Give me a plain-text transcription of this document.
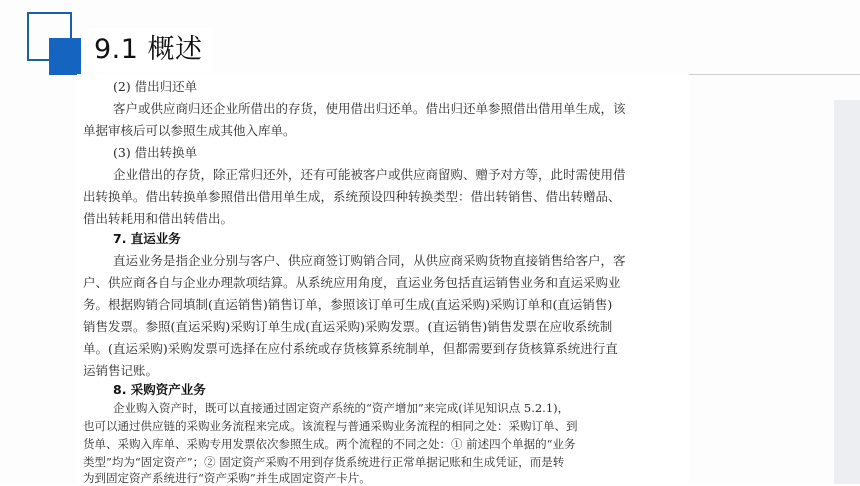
9.1 概述
(2) 借出归还单
客户或供应商归还企业所借出的存货，使用借出归还单。借出归还单参照借出借用单生成，该
单据审核后可以参照生成其他入库单。
(3) 借出转换单
企业借出的存货，除正常归还外，还有可能被客户或供应商留购、赠予对方等，此时需使用借
出转换单。借出转换单参照借出借用单生成，系统预设四种转换类型：借出转销售、借出转赠品、
借出转耗用和借出转借出。
7. 直运业务
直运业务是指企业分别与客户、供应商签订购销合同，从供应商采购货物直接销售给客户，客
户、供应商各自与企业办理款项结算。从系统应用角度，直运业务包括直运销售业务和直运采购业
务。根据购销合同填制(直运销售)销售订单，参照该订单可生成(直运采购)采购订单和(直运销售)
销售发票。参照(直运采购)采购订单生成(直运采购)采购发票。(直运销售)销售发票在应收系统制
单。(直运采购)采购发票可选择在应付系统或存货核算系统制单，但都需要到存货核算系统进行直
运销售记账。
8. 采购资产业务
企业购入资产时，既可以直接通过固定资产系统的“资产增加”来完成(详见知识点 5.2.1)，
也可以通过供应链的采购业务流程来完成。该流程与普通采购业务流程的相同之处：采购订单、到
货单、采购入库单、采购专用发票依次参照生成。两个流程的不同之处：① 前述四个单据的“业务
类型”均为“固定资产”；② 固定资产采购不用到存货系统进行正常单据记账和生成凭证，而是转
为到固定资产系统进行“资产采购”并生成固定资产卡片。
